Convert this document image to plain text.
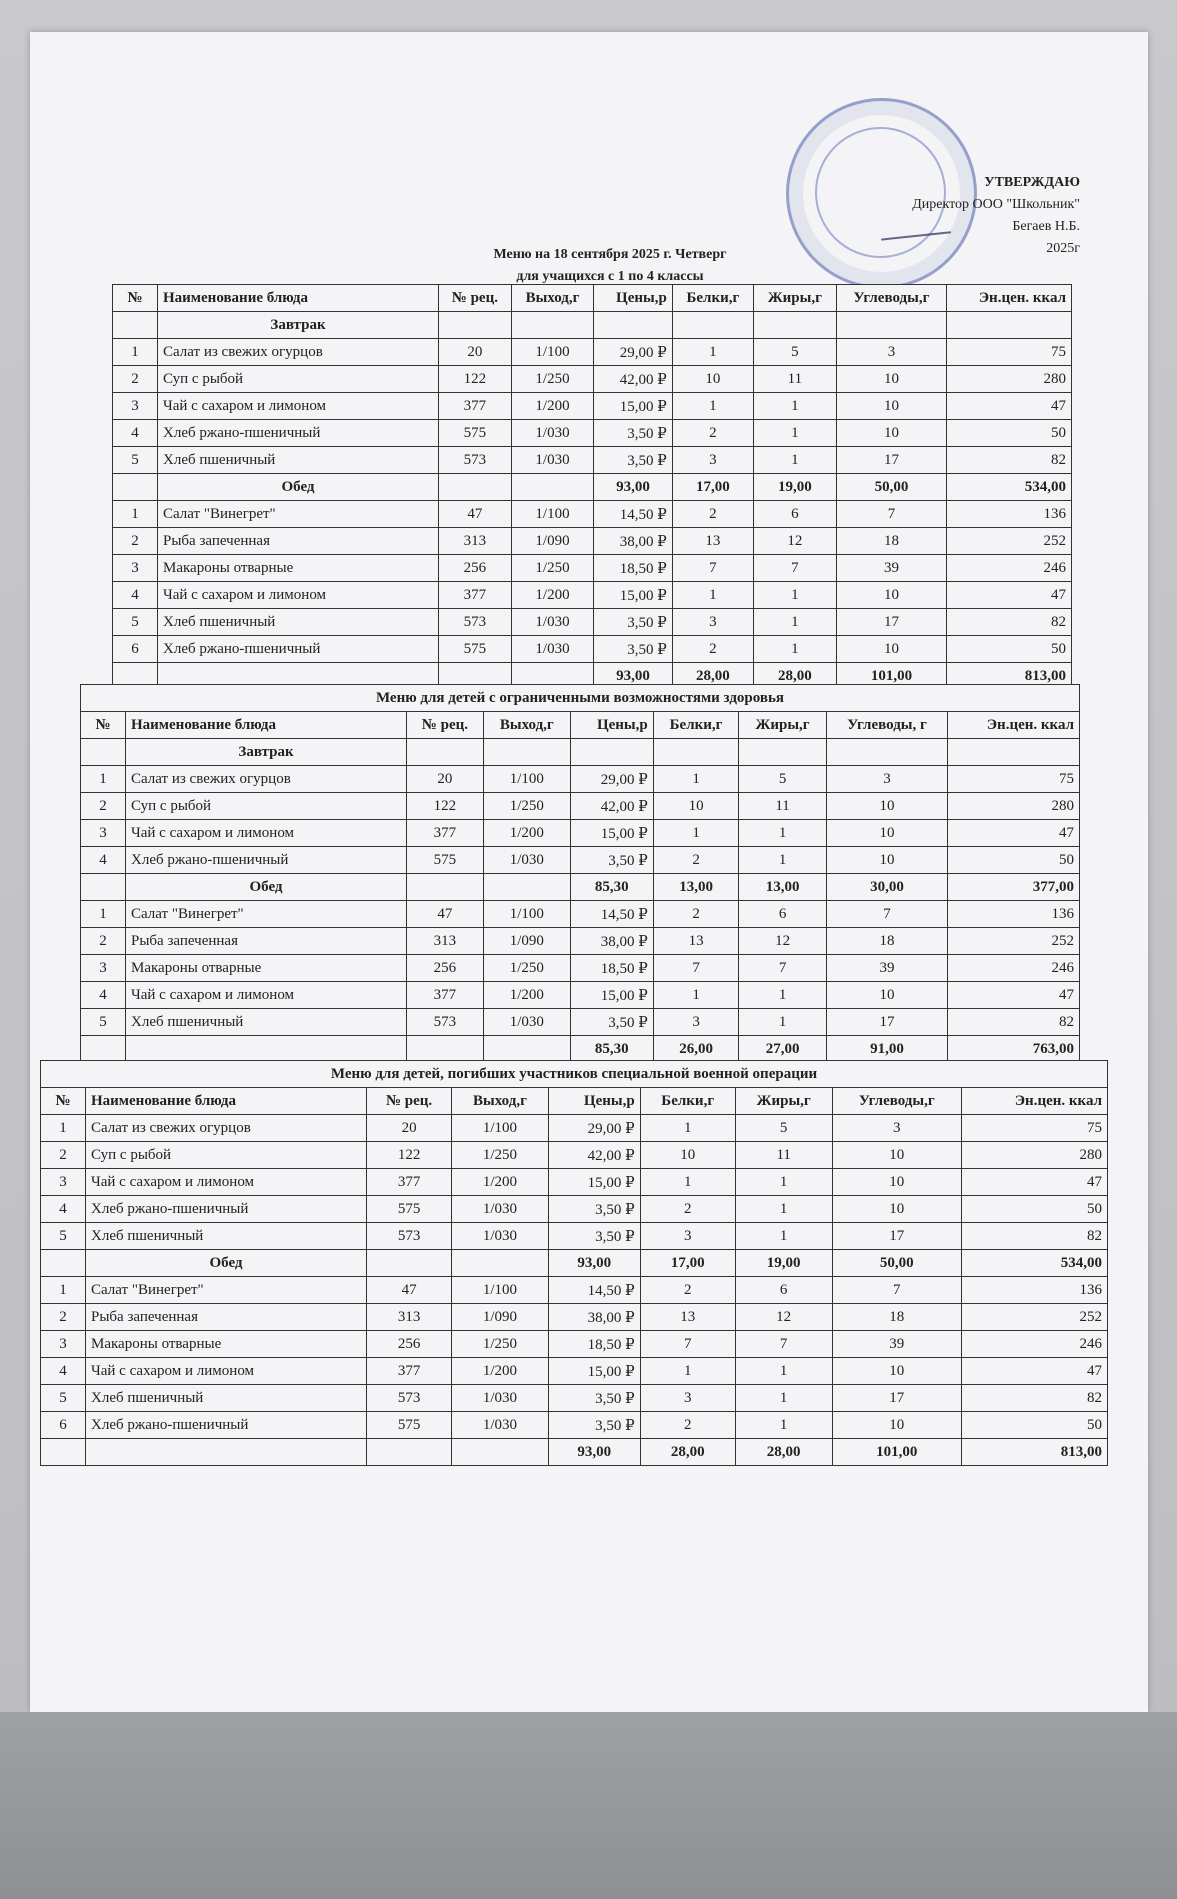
УТВЕРЖДАЮ
Директор ООО "Школьник"
Бегаев Н.Б.
2025г
Меню на 18 сентября 2025 г. Четверг
для учащихся с 1 по 4 классы
№	Наименование блюда	№ рец.	Выход,г	Цены,р	Белки,г	Жиры,г	Углеводы,г	Эн.цен. ккал
	Завтрак							
1	Салат из свежих огурцов	20	1/100	29,00 ₽	1	5	3	75
2	Суп с рыбой	122	1/250	42,00 ₽	10	11	10	280
3	Чай с сахаром и лимоном	377	1/200	15,00 ₽	1	1	10	47
4	Хлеб ржано-пшеничный	575	1/030	3,50 ₽	2	1	10	50
5	Хлеб пшеничный	573	1/030	3,50 ₽	3	1	17	82
	Обед			93,00	17,00	19,00	50,00	534,00
1	Салат "Винегрет"	47	1/100	14,50 ₽	2	6	7	136
2	Рыба запеченная	313	1/090	38,00 ₽	13	12	18	252
3	Макароны отварные	256	1/250	18,50 ₽	7	7	39	246
4	Чай с сахаром и лимоном	377	1/200	15,00 ₽	1	1	10	47
5	Хлеб пшеничный	573	1/030	3,50 ₽	3	1	17	82
6	Хлеб ржано-пшеничный	575	1/030	3,50 ₽	2	1	10	50
				93,00	28,00	28,00	101,00	813,00
Меню для детей с ограниченными возможностями здоровья								
№	Наименование блюда	№ рец.	Выход,г	Цены,р	Белки,г	Жиры,г	Углеводы, г	Эн.цен. ккал
	Завтрак							
1	Салат из свежих огурцов	20	1/100	29,00 ₽	1	5	3	75
2	Суп с рыбой	122	1/250	42,00 ₽	10	11	10	280
3	Чай с сахаром и лимоном	377	1/200	15,00 ₽	1	1	10	47
4	Хлеб ржано-пшеничный	575	1/030	3,50 ₽	2	1	10	50
	Обед			85,30	13,00	13,00	30,00	377,00
1	Салат "Винегрет"	47	1/100	14,50 ₽	2	6	7	136
2	Рыба запеченная	313	1/090	38,00 ₽	13	12	18	252
3	Макароны отварные	256	1/250	18,50 ₽	7	7	39	246
4	Чай с сахаром и лимоном	377	1/200	15,00 ₽	1	1	10	47
5	Хлеб пшеничный	573	1/030	3,50 ₽	3	1	17	82
				85,30	26,00	27,00	91,00	763,00
Меню для детей, погибших участников специальной военной операции								
№	Наименование блюда	№ рец.	Выход,г	Цены,р	Белки,г	Жиры,г	Углеводы,г	Эн.цен. ккал
1	Салат из свежих огурцов	20	1/100	29,00 ₽	1	5	3	75
2	Суп с рыбой	122	1/250	42,00 ₽	10	11	10	280
3	Чай с сахаром и лимоном	377	1/200	15,00 ₽	1	1	10	47
4	Хлеб ржано-пшеничный	575	1/030	3,50 ₽	2	1	10	50
5	Хлеб пшеничный	573	1/030	3,50 ₽	3	1	17	82
	Обед			93,00	17,00	19,00	50,00	534,00
1	Салат "Винегрет"	47	1/100	14,50 ₽	2	6	7	136
2	Рыба запеченная	313	1/090	38,00 ₽	13	12	18	252
3	Макароны отварные	256	1/250	18,50 ₽	7	7	39	246
4	Чай с сахаром и лимоном	377	1/200	15,00 ₽	1	1	10	47
5	Хлеб пшеничный	573	1/030	3,50 ₽	3	1	17	82
6	Хлеб ржано-пшеничный	575	1/030	3,50 ₽	2	1	10	50
				93,00	28,00	28,00	101,00	813,00
